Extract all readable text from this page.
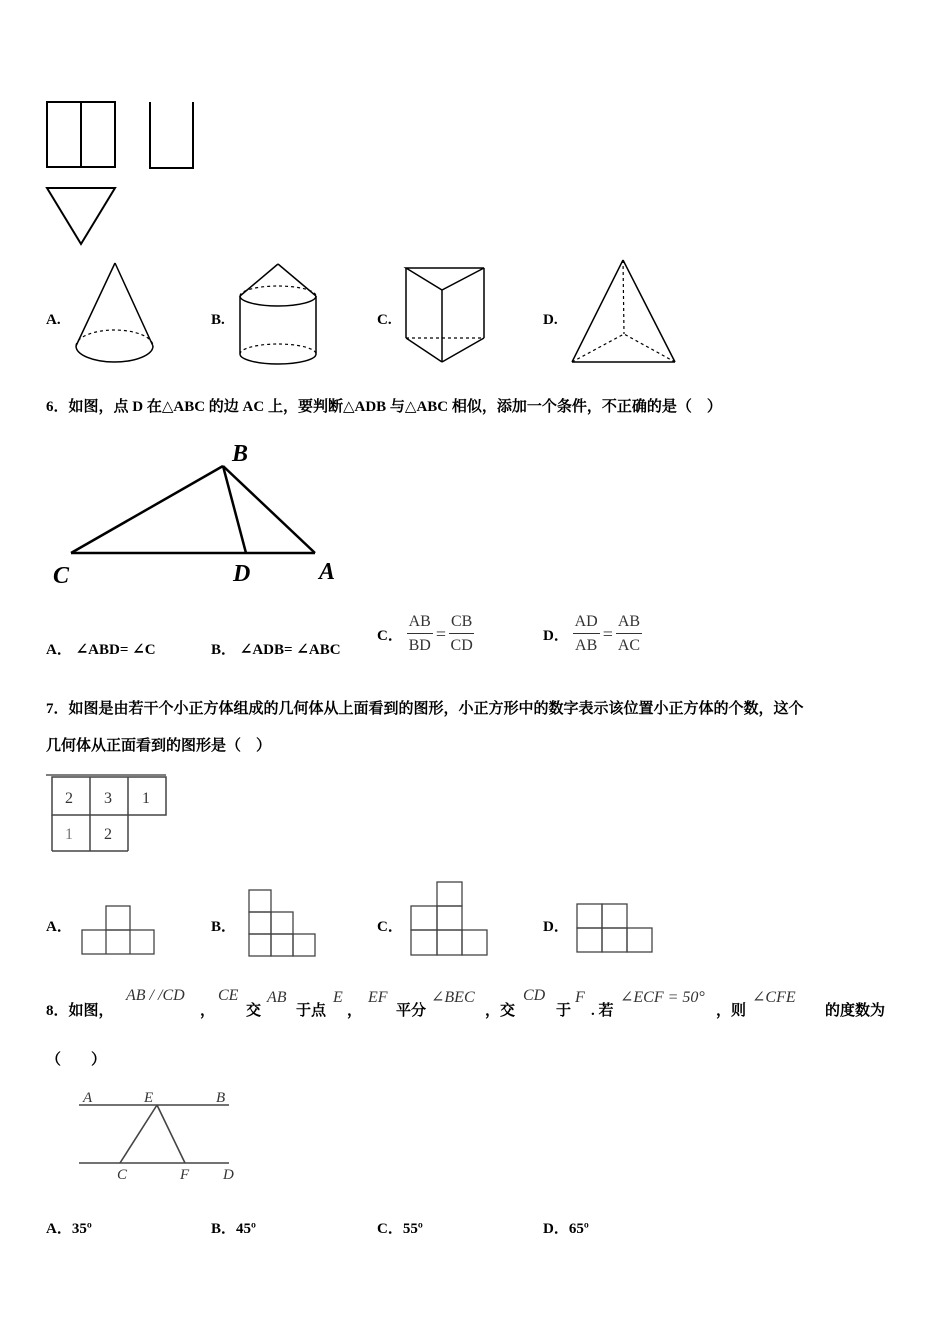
A.	B.	C.	D.
6．如图，点 D 在△ABC 的边 AC 上，要判断△ADB 与△ABC 相似，添加一个条件，不正确的是（　）
B
C	D	A
A． ∠ABD= ∠C	B． ∠ADB= ∠ABC
C． $\frac{AB}{BD} = \frac{CB}{CD}$	D． $\frac{AD}{AB} = \frac{AB}{AC}$
7．如图是由若干个小正方体组成的几何体从上面看到的图形，小正方形中的数字表示该位置小正方体的个数，这个
几何体从正面看到的图形是（　）
2 3 1
1 2
A．	B．	C．	D．
8．如图，
AB / /CD
，
CE
交
AB
于点
E
，
EF
平分
∠BEC
，交
CD
于
F
. 若
∠ECF = 50°
，则
∠CFE
的度数为
（　　）
A	E	B
C	F D
A．35º	B．45º	C．55º	D．65º
